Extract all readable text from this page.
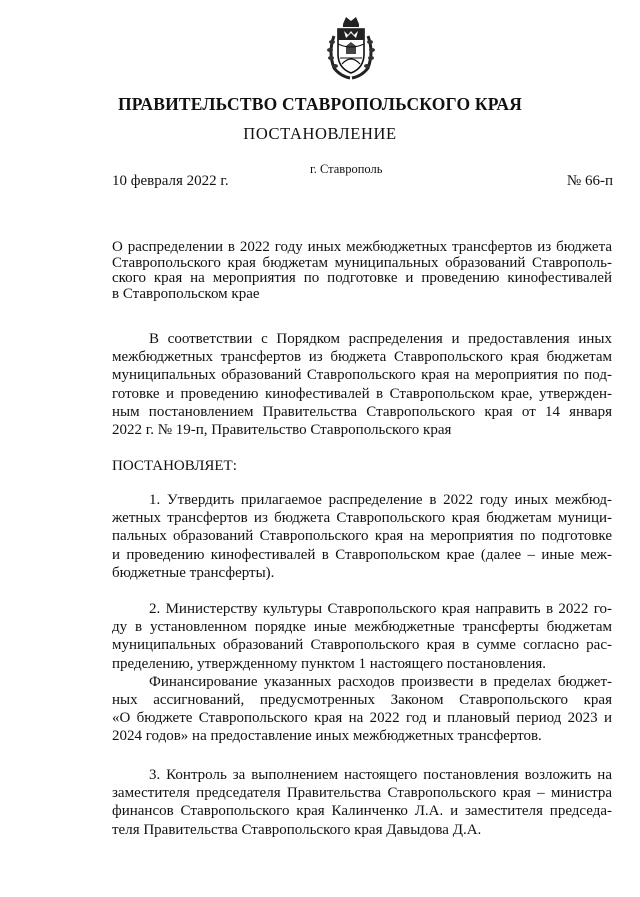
ПРАВИТЕЛЬСТВО СТАВРОПОЛЬСКОГО КРАЯ
ПОСТАНОВЛЕНИЕ
г. Ставрополь
10 февраля 2022 г.	№ 66-п
О распределении в 2022 году иных межбюджетных трансфертов из бюджета
Ставропольского края бюджетам муниципальных образований Ставрополь-
ского края на мероприятия по подготовке и проведению кинофестивалей
в Ставропольском крае
В соответствии с Порядком распределения и предоставления иных
межбюджетных трансфертов из бюджета Ставропольского края бюджетам
муниципальных образований Ставропольского края на мероприятия по под-
готовке и проведению кинофестивалей в Ставропольском крае, утвержден-
ным постановлением Правительства Ставропольского края от 14 января
2022 г. № 19-п, Правительство Ставропольского края
ПОСТАНОВЛЯЕТ:
1. Утвердить прилагаемое распределение в 2022 году иных межбюд-
жетных трансфертов из бюджета Ставропольского края бюджетам муници-
пальных образований Ставропольского края на мероприятия по подготовке
и проведению кинофестивалей в Ставропольском крае (далее – иные меж-
бюджетные трансферты).
2. Министерству культуры Ставропольского края направить в 2022 го-
ду в установленном порядке иные межбюджетные трансферты бюджетам
муниципальных образований Ставропольского края в сумме согласно рас-
пределению, утвержденному пунктом 1 настоящего постановления.
Финансирование указанных расходов произвести в пределах бюджет-
ных ассигнований, предусмотренных Законом Ставропольского края
«О бюджете Ставропольского края на 2022 год и плановый период 2023 и
2024 годов» на предоставление иных межбюджетных трансфертов.
3. Контроль за выполнением настоящего постановления возложить на
заместителя председателя Правительства Ставропольского края – министра
финансов Ставропольского края Калинченко Л.А. и заместителя председа-
теля Правительства Ставропольского края Давыдова Д.А.
